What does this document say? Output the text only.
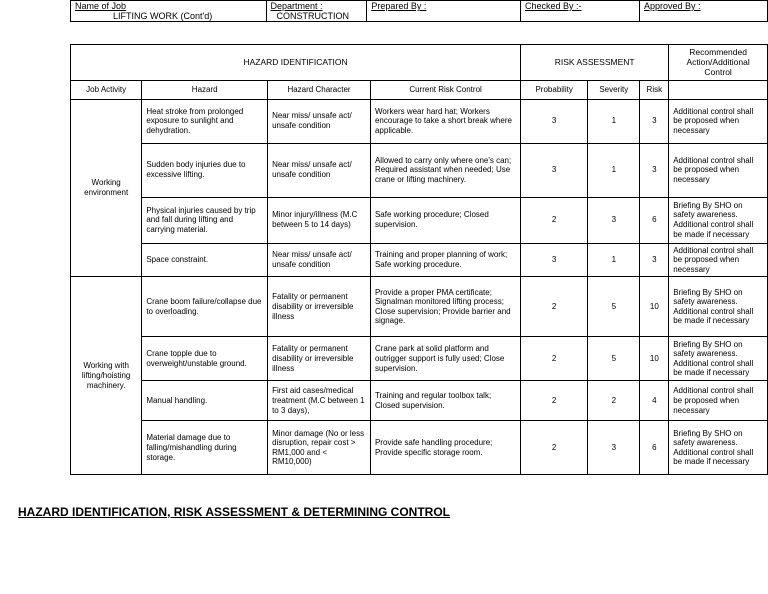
Name of Job

LIFTING WORK (Cont'd)
	Department :

CONSTRUCTION
	Prepared By :	Checked By :-	Approved By :
HAZARD IDENTIFICATION				RISK ASSESSMENT			Recommended Action/Additional Control
Job Activity	Hazard	Hazard Character	Current Risk Control	Probability	Severity	Risk	
Working environment	Heat stroke from prolonged exposure to sunlight and dehydration.	Near miss/ unsafe act/ unsafe condition	Workers wear hard hat; Workers encourage to take a short break where applicable.	3	1	3	Additional control shall be proposed when necessary
	Sudden body injuries due to excessive lifting.	Near miss/ unsafe act/ unsafe condition	Allowed to carry only where one's can; Required assistant when needed; Use crane or lifting machinery.	3	1	3	Additional control shall be proposed when necessary
	Physical injuries caused by trip and fall during lifting and carrying material.	Minor injury/illness (M.C between 5 to 14 days)	Safe working procedure; Closed supervision.	2	3	6	Briefing By SHO on safety awareness. Additional control shall be made if necessary
	Space constraint.	Near miss/ unsafe act/ unsafe condition	Training and proper planning of work; Safe working procedure.	3	1	3	Additional control shall be proposed when necessary
Working with lifting/hoisting machinery.	Crane boom failure/collapse due to overloading.	Fatality or permanent disability or irreversible illness	Provide a proper PMA certificate; Signalman monitored lifting process; Close supervision; Provide barrier and signage.	2	5	10	Briefing By SHO on safety awareness. Additional control shall be made if necessary
	Crane topple due to overweight/unstable ground.	Fatality or permanent disability or irreversible illness	Crane park at solid platform and outrigger support is fully used; Close supervision.	2	5	10	Briefing By SHO on safety awareness. Additional control shall be made if necessary
	Manual handling.	First aid cases/medical treatment (M.C between 1 to 3 days),	Training and regular toolbox talk; Closed supervision.	2	2	4	Additional control shall be proposed when necessary
	Material damage due to falling/mishandling during storage.	Minor damage (No or less disruption, repair cost > RM1,000 and < RM10,000)	Provide safe handling procedure; Provide specific storage room.	2	3	6	Briefing By SHO on safety awareness. Additional control shall be made if necessary
HAZARD IDENTIFICATION, RISK ASSESSMENT & DETERMINING CONTROL
